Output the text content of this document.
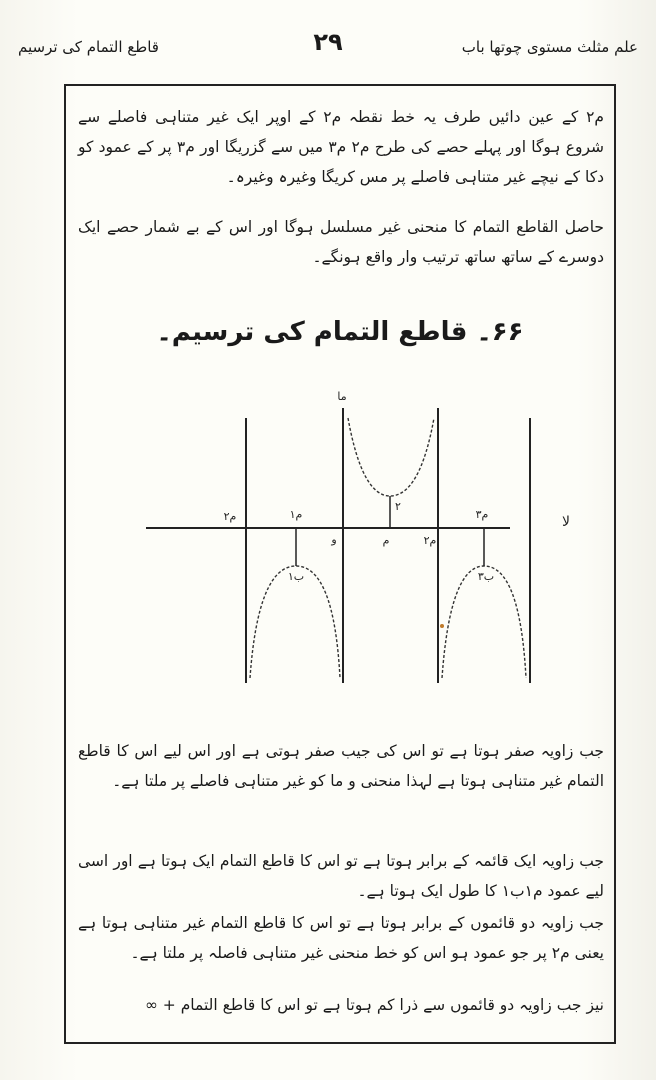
علم مثلث مستوی چوتھا باب
۲۹
قاطع التمام کی ترسیم
م۲ کے عین دائیں طرف یہ خط نقطہ م۲ کے اوپر ایک غیر متناہی فاصلے سے شروع ہوگا اور پہلے حصے کی طرح م۲ م۳ میں سے گزریگا اور م۳ پر کے عمود کو دکا کے نیچے غیر متناہی فاصلے پر مس کریگا وغیرہ وغیرہ۔
حاصل القاطع التمام کا منحنی غیر مسلسل ہوگا اور اس کے بے شمار حصے ایک دوسرے کے ساتھ ساتھ ترتیب وار واقع ہونگے۔
۶۶۔ قاطع التمام کی ترسیم۔
ما
لا
م۲	م۱
و	م	م۲
م۳
۲
ب۱	ب۳
جب زاویہ صفر ہوتا ہے تو اس کی جیب صفر ہوتی ہے اور اس لیے اس کا قاطع التمام غیر متناہی ہوتا ہے لہذا منحنی و ما کو غیر متناہی فاصلے پر ملتا ہے۔
جب زاویہ ایک قائمہ کے برابر ہوتا ہے تو اس کا قاطع التمام ایک ہوتا ہے اور اسی لیے عمود م۱ب۱ کا طول ایک ہوتا ہے۔
جب زاویہ دو قائموں کے برابر ہوتا ہے تو اس کا قاطع التمام غیر متناہی ہوتا ہے یعنی م۲ پر جو عمود ہو اس کو خط منحنی غیر متناہی فاصلہ پر ملتا ہے۔
نیز جب زاویہ دو قائموں سے ذرا کم ہوتا ہے تو اس کا قاطع التمام + ∞
